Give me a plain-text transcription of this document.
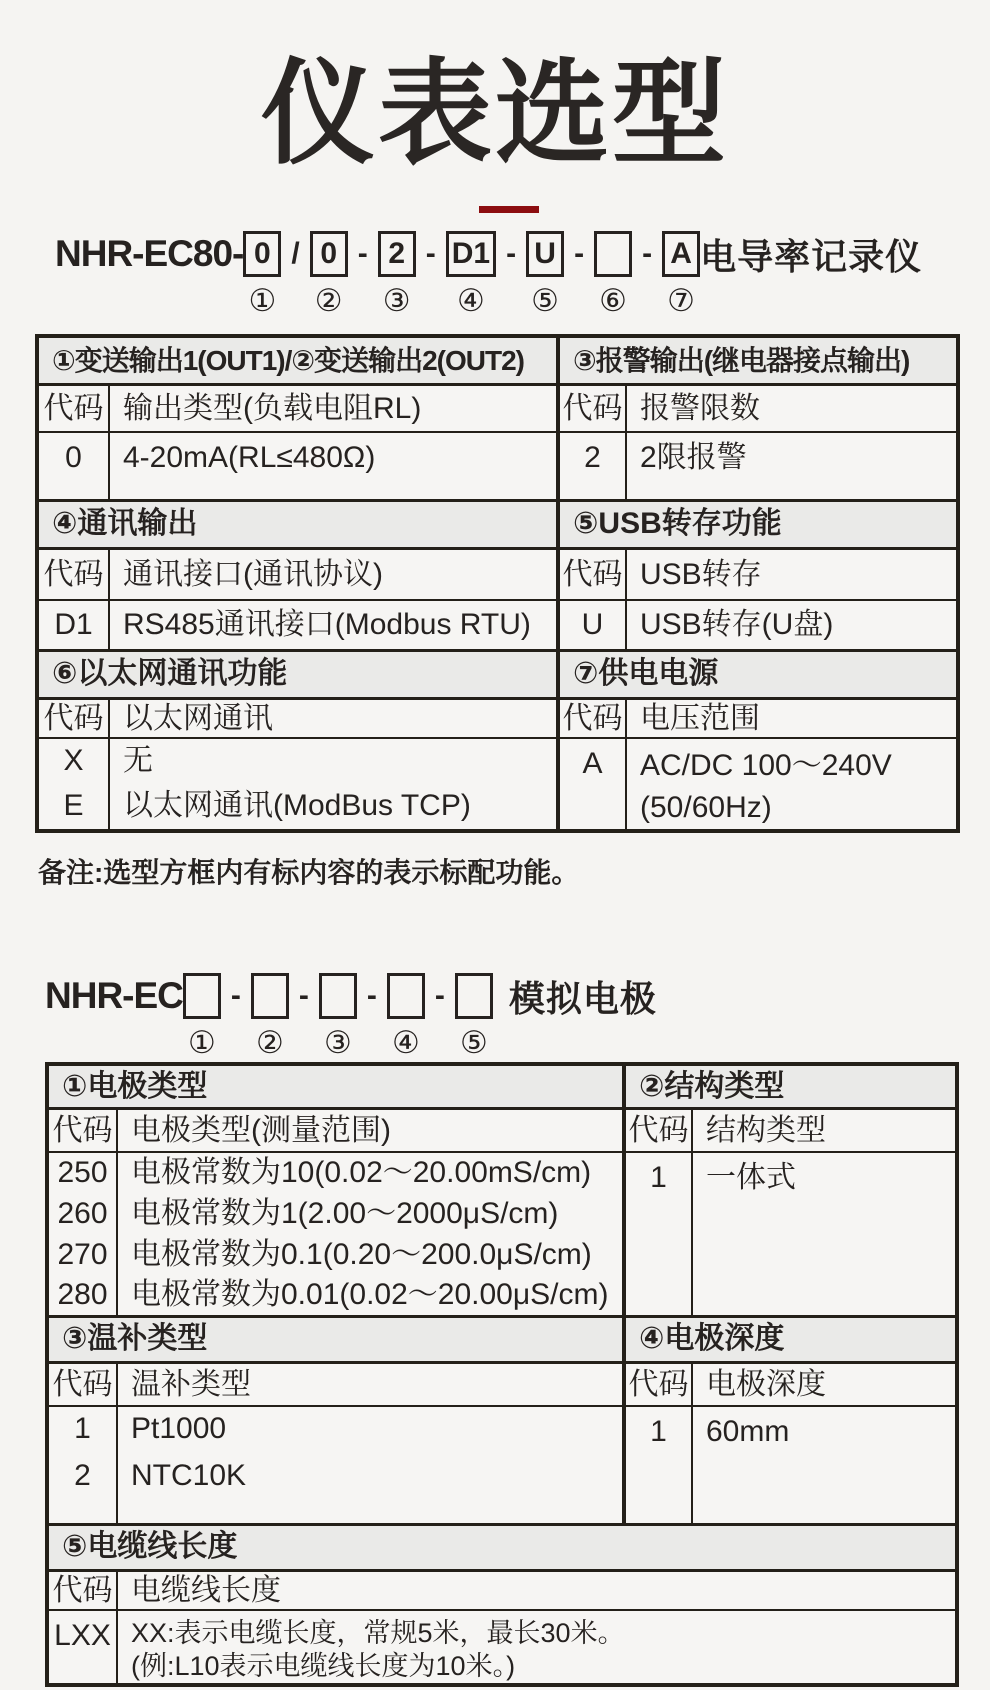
仪表选型
NHR-EC80- 0
①
/ 0
②
- 2
③
- D1
④
- U
⑤
-
⑥
- A
⑦
电导率记录仪
①变送输出1(OUT1)/②变送输出2(OUT2)		③报警输出(继电器接点输出)	
代码	输出类型(负载电阻RL)	代码	报警限数
0	4-20mA(RL≤480Ω)	2	2限报警
④通讯输出		⑤USB转存功能	
代码	通讯接口(通讯协议)	代码	USB转存
D1	RS485通讯接口(Modbus RTU)	U	USB转存(U盘)
⑥以太网通讯功能		⑦供电电源	
代码	以太网通讯	代码	电压范围
X	无	A	AC/DC 100～240V
(50/60Hz)

E	以太网通讯(ModBus TCP)		
备注:选型方框内有标内容的表示标配功能。
NHR-EC
①
-
②
-
③
-
④
-
⑤
模拟电极
①电极类型		②结构类型	
代码	电极类型(测量范围)	代码	结构类型
250	电极常数为10(0.02～20.00mS/cm)	1	一体式
260	电极常数为1(2.00～2000μS/cm)		
270	电极常数为0.1(0.20～200.0μS/cm)		
280	电极常数为0.01(0.02～20.00μS/cm)		
③温补类型		④电极深度	
代码	温补类型	代码	电极深度
1	Pt1000	1	60mm
2	NTC10K		
⑤电缆线长度			
代码	电缆线长度		
LXX	XX:表示电缆长度，常规5米，最长30米。
(例:L10表示电缆线长度为10米。)		
